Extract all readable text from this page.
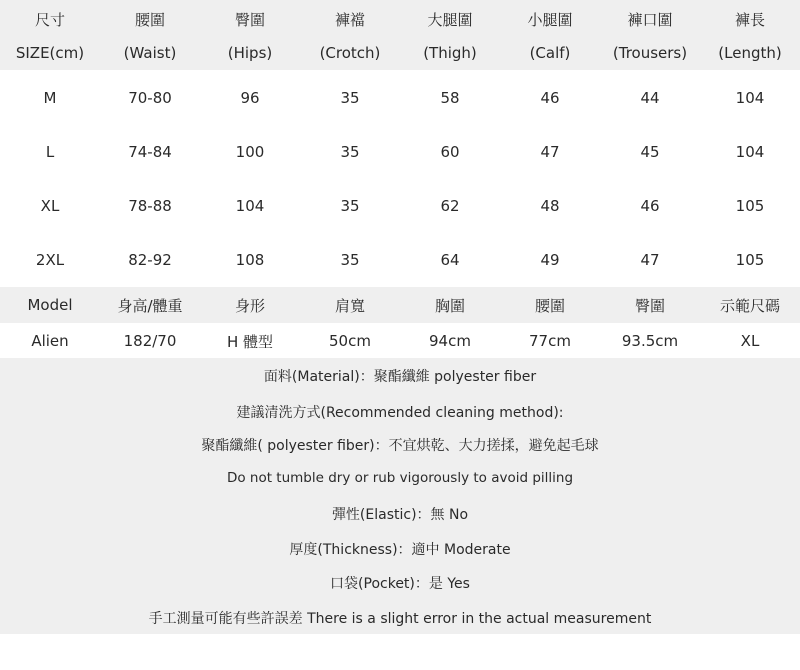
尺寸	腰圍	臀圍	褲襠	大腿圍	小腿圍	褲口圍	褲長
SIZE(cm)	(Waist)	(Hips)	(Crotch)	(Thigh)	(Calf)	(Trousers)	(Length)
M	70-80	96	35	58	46	44	104
L	74-84	100	35	60	47	45	104
XL	78-88	104	35	62	48	46	105
2XL	82-92	108	35	64	49	47	105
Model	身高/體重	身形	肩寬	胸圍	腰圍	臀圍	示範尺碼
Alien	182/70	H 體型	50cm	94cm	77cm	93.5cm	XL
面料(Material)：聚酯纖維 polyester fiber
建議清洗方式(Recommended cleaning method):
聚酯纖維( polyester fiber)：不宜烘乾、大力搓揉，避免起毛球
Do not tumble dry or rub vigorously to avoid pilling
彈性(Elastic)：無 No
厚度(Thickness)：適中 Moderate
口袋(Pocket)：是 Yes
手工測量可能有些許誤差 There is a slight error in the actual measurement
